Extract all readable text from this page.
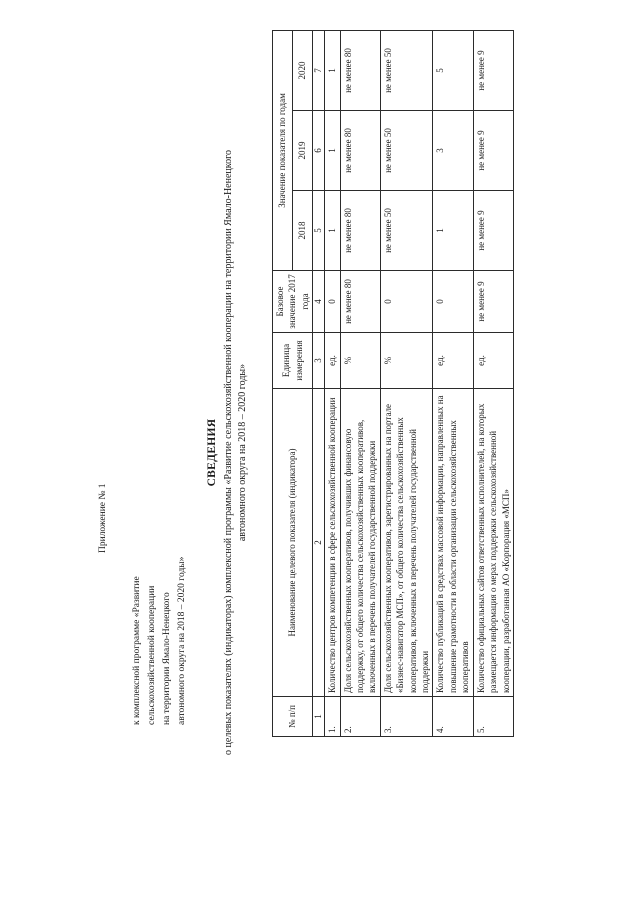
Приложение № 1
к комплексной программе «Развитие
сельскохозяйственной кооперации
на территории Ямало-Ненецкого
автономного округа на 2018 – 2020 годы»
СВЕДЕНИЯ о целевых показателях (индикаторах) комплексной программы «Развитие сельскохозяйственной кооперации на территории Ямало-Ненецкого автономного округа на 2018 – 2020 годы»
№ п/п	Наименование целевого показателя (индикатора)	Единица измерения	Базовое значение 2017 года	Значение показателя по годам		
				2018	2019	2020
1	2	3	4	5	6	7
1.	Количество центров компетенции в сфере сельскохозяйственной кооперации	ед.	0	1	1	1
2.	Доля сельскохозяйственных кооперативов, получивших финансовую поддержку, от общего количества сельскохозяйственных кооперативов, включенных в перечень получателей государственной поддержки	%	не менее 80	не менее 80	не менее 80	не менее 80
3.	Доля сельскохозяйственных кооперативов, зарегистрированных на портале «Бизнес-навигатор МСП», от общего количества сельскохозяйственных кооперативов, включенных в перечень получателей государственной поддержки	%	0	не менее 50	не менее 50	не менее 50
4.	Количество публикаций в средствах массовой информации, направленных на повышение грамотности в области организации сельскохозяйственных кооперативов	ед.	0	1	3	5
5.	Количество официальных сайтов ответственных исполнителей, на которых размещается информация о мерах поддержки сельскохозяйственной кооперации, разработанная АО «Корпорация «МСП»	ед.	не менее 9	не менее 9	не менее 9	не менее 9
